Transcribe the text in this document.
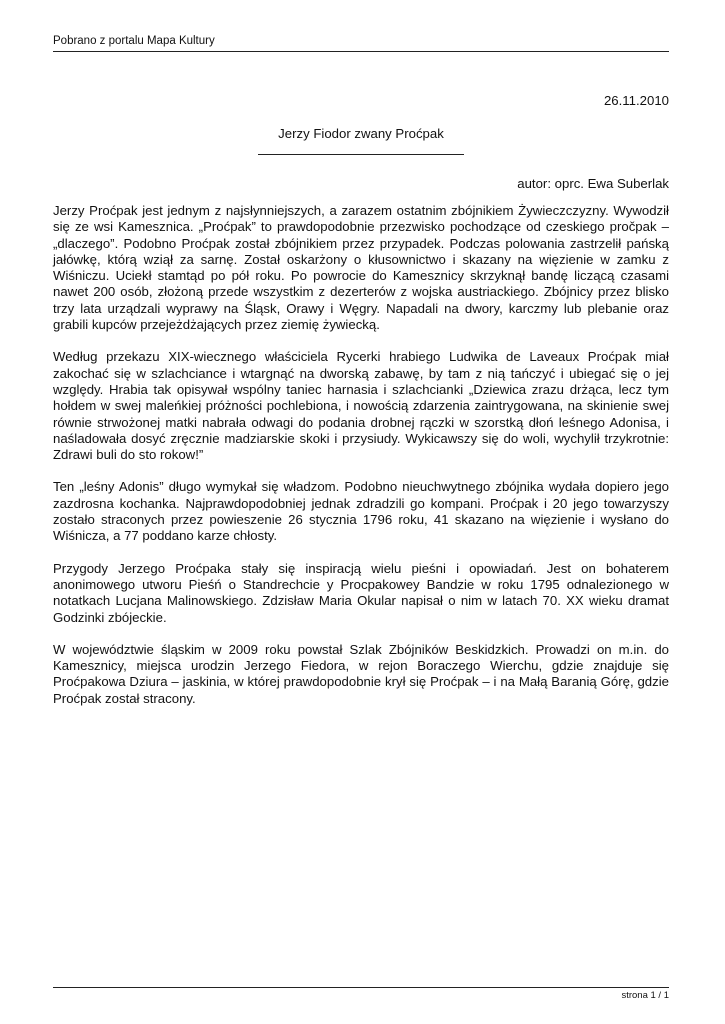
Pobrano z portalu Mapa Kultury

26.11.2010

Jerzy Fiodor zwany Proćpak

autor: oprc. Ewa Suberlak

Jerzy Proćpak jest jednym z najsłynniejszych, a zarazem ostatnim zbójnikiem Żywieczczyzny. Wywodził się ze wsi Kamesznica. „Proćpak” to prawdopodobnie przezwisko pochodzące od czeskiego pročpak – „dlaczego”. Podobno Proćpak został zbójnikiem przez przypadek. Podczas polowania zastrzelił pańską jałówkę, którą wziął za sarnę. Został oskarżony o kłusownictwo i skazany na więzienie w zamku z Wiśniczu. Uciekł stamtąd po pół roku. Po powrocie do Kamesznicy skrzyknął bandę liczącą czasami nawet 200 osób, złożoną przede wszystkim z dezerterów z wojska austriackiego. Zbójnicy przez blisko trzy lata urządzali wyprawy na Śląsk, Orawy i Węgry. Napadali na dwory, karczmy lub plebanie oraz grabili kupców przejeżdżających przez ziemię żywiecką.

Według przekazu XIX-wiecznego właściciela Rycerki hrabiego Ludwika de Laveaux Proćpak miał zakochać się w szlachciance i wtargnąć na dworską zabawę, by tam z nią tańczyć i ubiegać się o jej względy. Hrabia tak opisywał wspólny taniec harnasia i szlachcianki „Dziewica zrazu drżąca, lecz tym hołdem w swej maleńkiej próżności pochlebiona, i nowością zdarzenia zaintrygowana, na skinienie swej równie strwożonej matki nabrała odwagi do podania drobnej rączki w szorstką dłoń leśnego Adonisa, i naśladowała dosyć zręcznie madziarskie skoki i przysiudy. Wykicawszy się do woli, wychylił trzykrotnie: Zdrawi buli do sto rokow!”

Ten „leśny Adonis” długo wymykał się władzom. Podobno nieuchwytnego zbójnika wydała dopiero jego zazdrosna kochanka. Najprawdopodobniej jednak zdradzili go kompani. Proćpak i 20 jego towarzyszy zostało straconych przez powieszenie 26 stycznia 1796 roku, 41 skazano na więzienie i wysłano do Wiśnicza, a 77 poddano karze chłosty.

Przygody Jerzego Proćpaka stały się inspiracją wielu pieśni i opowiadań. Jest on bohaterem anonimowego utworu Pieśń o Standrechcie y Procpakowey Bandzie w roku 1795 odnalezionego w notatkach Lucjana Malinowskiego. Zdzisław Maria Okular napisał o nim w latach 70. XX wieku dramat Godzinki zbójeckie.

W województwie śląskim w 2009 roku powstał Szlak Zbójników Beskidzkich. Prowadzi on m.in. do Kamesznicy, miejsca urodzin Jerzego Fiedora, w rejon Boraczego Wierchu, gdzie znajduje się Proćpakowa Dziura – jaskinia, w której prawdopodobnie krył się Proćpak – i na Małą Baranią Górę, gdzie Proćpak został stracony.

strona 1 / 1
